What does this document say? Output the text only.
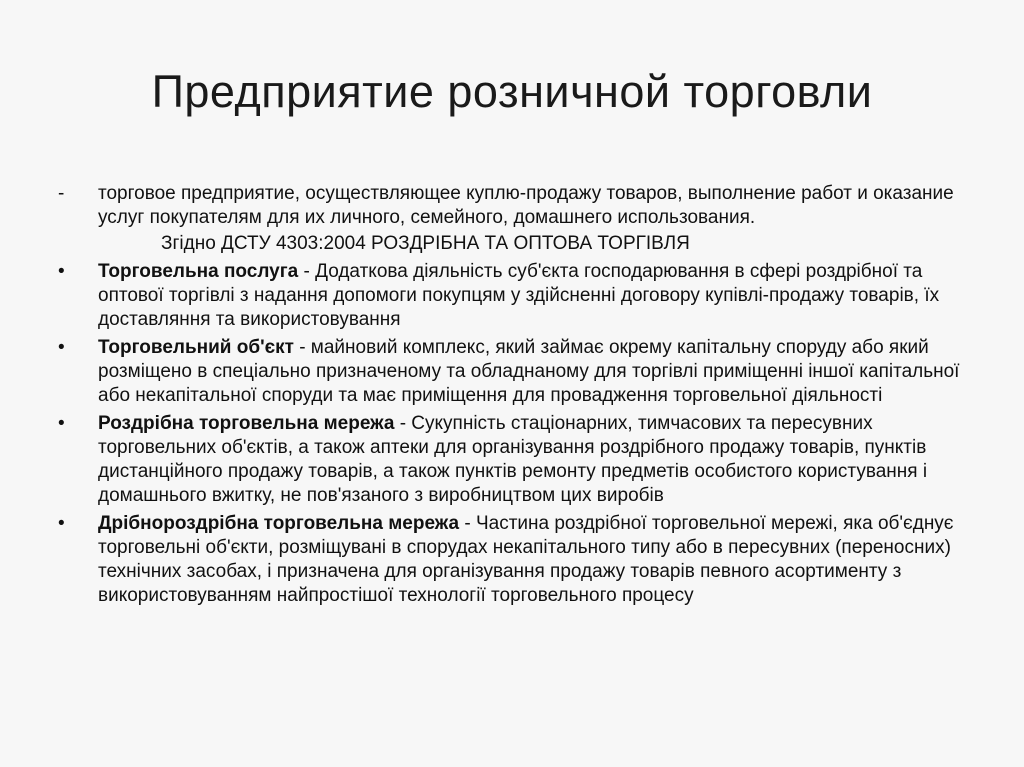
Предприятие розничной торговли

-торговое предприятие, осуществляющее куплю-продажу товаров, выполнение работ и оказание услуг покупателям для их личного, семейного, домашнего использования.

Згідно ДСТУ 4303:2004 РОЗДРІБНА ТА ОПТОВА ТОРГІВЛЯ

•	Торговельна послуга - Додаткова діяльність суб'єкта господарювання в сфері роздрібної та оптової торгівлі з надання допомоги покупцям у здійсненні договору купівлі-продажу товарів, їх доставляння та використовування
•	Торговельний об'єкт - майновий комплекс, який займає окрему капітальну споруду або який розміщено в спеціально призначеному та обладнаному для торгівлі приміщенні іншої капітальної або некапітальної споруди та має приміщення для провадження торговельної діяльності
•	Роздрібна торговельна мережа - Сукупність стаціонарних, тимчасових та пересувних торговельних об'єктів, а також аптеки для організування роздрібного продажу товарів, пунктів дистанційного продажу товарів, а також пунктів ремонту предметів особистого користування і домашнього вжитку, не пов'язаного з виробництвом цих виробів
•	Дрібнороздрібна торговельна мережа - Частина роздрібної торговельної мережі, яка об'єднує торговельні об'єкти, розміщувані в спорудах некапітального типу або в пересувних (переносних) технічних засобах, і призначена для організування продажу товарів певного асортименту з використовуванням найпростішої технології торговельного процесу
